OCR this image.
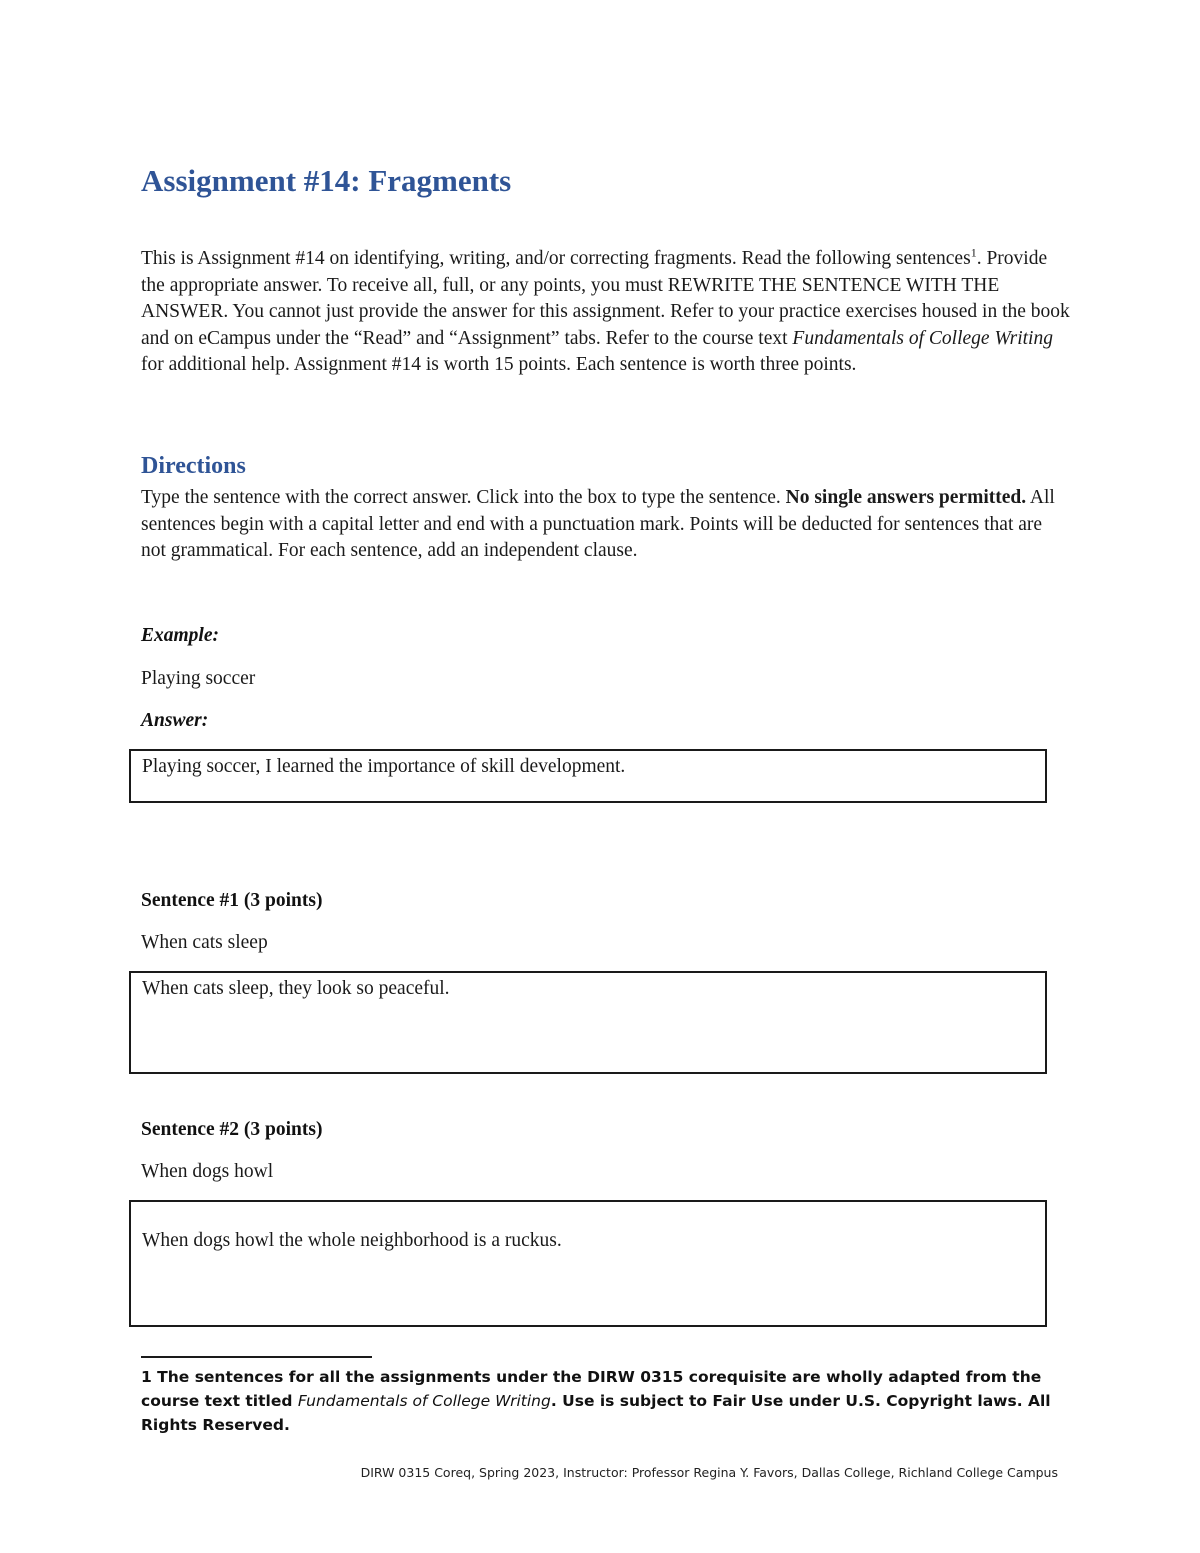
Assignment #14: Fragments

This is Assignment #14 on identifying, writing, and/or correcting fragments. Read the following sentences$^1$. Provide the appropriate answer. To receive all, full, or any points, you must REWRITE THE SENTENCE WITH THE ANSWER. You cannot just provide the answer for this assignment. Refer to your practice exercises housed in the book and on eCampus under the “Read” and “Assignment” tabs. Refer to the course text Fundamentals of College Writing for additional help. Assignment #14 is worth 15 points. Each sentence is worth three points.

Directions

Type the sentence with the correct answer. Click into the box to type the sentence. No single answers permitted. All sentences begin with a capital letter and end with a punctuation mark. Points will be deducted for sentences that are not grammatical. For each sentence, add an independent clause.

Example:

Playing soccer

Answer:

Playing soccer, I learned the importance of skill development.

Sentence #1 (3 points)

When cats sleep

When cats sleep, they look so peaceful.

Sentence #2 (3 points)

When dogs howl

When dogs howl the whole neighborhood is a ruckus.

1 The sentences for all the assignments under the DIRW 0315 corequisite are wholly adapted from the course text titled Fundamentals of College Writing. Use is subject to Fair Use under U.S. Copyright laws. All Rights Reserved.

DIRW 0315 Coreq, Spring 2023, Instructor: Professor Regina Y. Favors, Dallas College, Richland College Campus
